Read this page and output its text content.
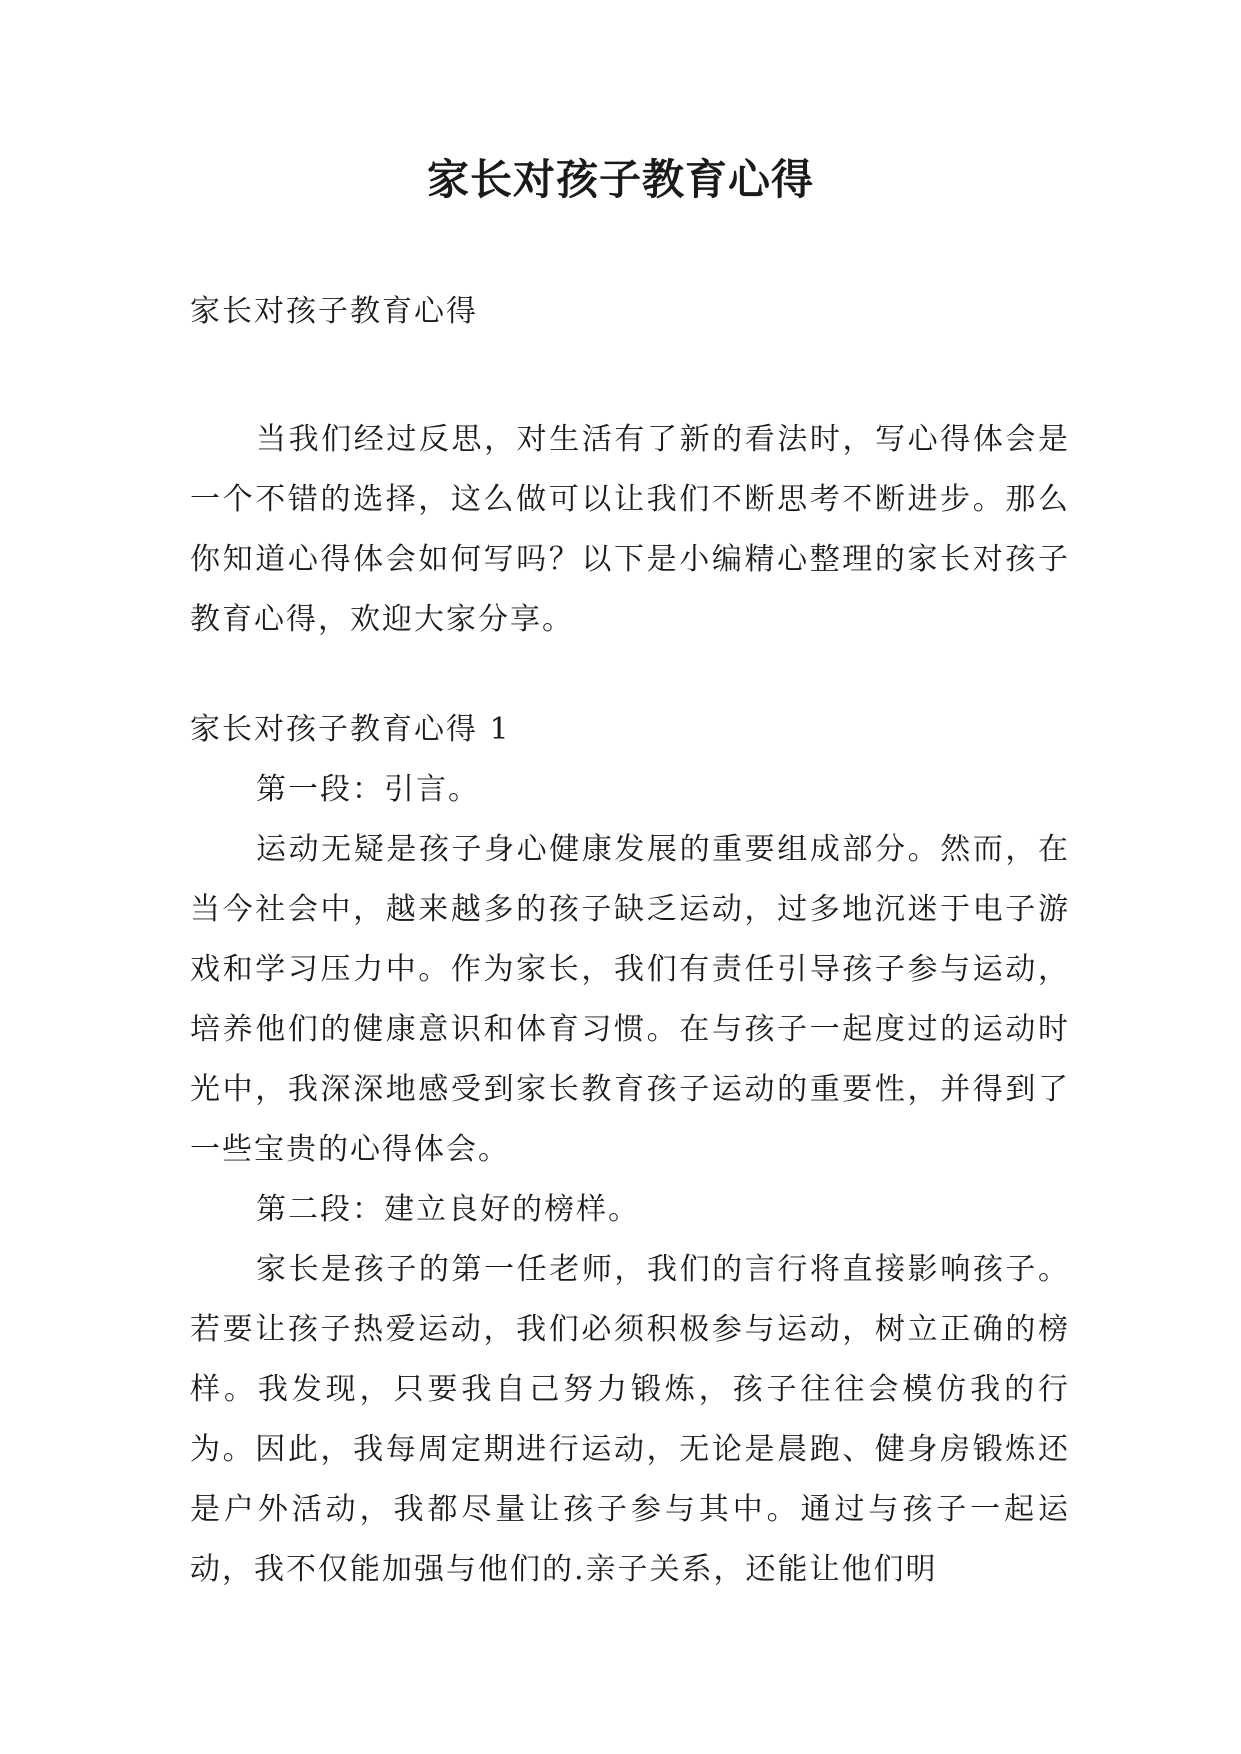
家长对孩子教育心得

家长对孩子教育心得

当我们经过反思，对生活有了新的看法时，写心得体会是一个不错的选择，这么做可以让我们不断思考不断进步。那么你知道心得体会如何写吗？以下是小编精心整理的家长对孩子教育心得，欢迎大家分享。

家长对孩子教育心得 1

第一段：引言。

运动无疑是孩子身心健康发展的重要组成部分。然而，在当今社会中，越来越多的孩子缺乏运动，过多地沉迷于电子游戏和学习压力中。作为家长，我们有责任引导孩子参与运动，培养他们的健康意识和体育习惯。在与孩子一起度过的运动时光中，我深深地感受到家长教育孩子运动的重要性，并得到了一些宝贵的心得体会。

第二段：建立良好的榜样。

家长是孩子的第一任老师，我们的言行将直接影响孩子。若要让孩子热爱运动，我们必须积极参与运动，树立正确的榜样。我发现，只要我自己努力锻炼，孩子往往会模仿我的行为。因此，我每周定期进行运动，无论是晨跑、健身房锻炼还是户外活动，我都尽量让孩子参与其中。通过与孩子一起运动，我不仅能加强与他们的.亲子关系，还能让他们明
